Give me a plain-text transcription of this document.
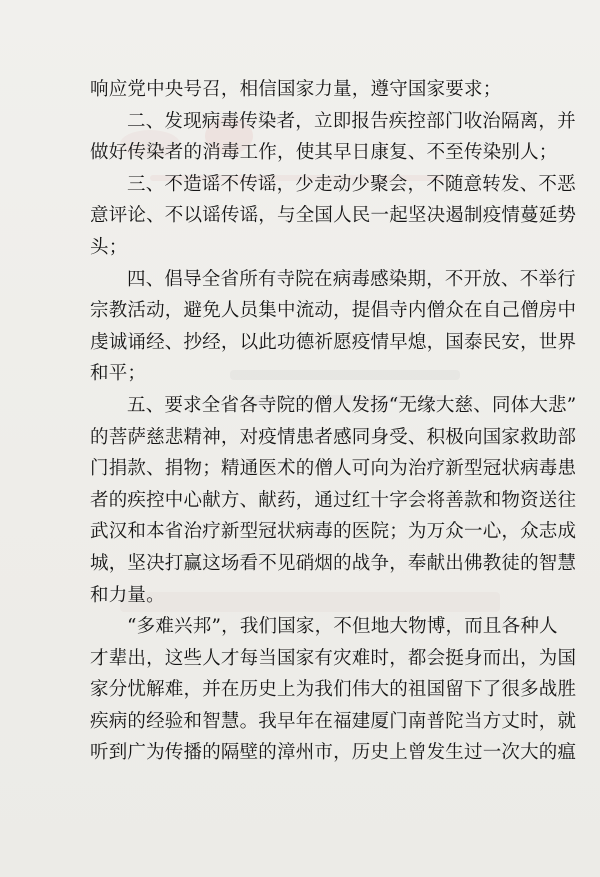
响应党中央号召，相信国家力量，遵守国家要求；
二、发现病毒传染者，立即报告疾控部门收治隔离，并
做好传染者的消毒工作，使其早日康复、不至传染别人；
三、不造谣不传谣，少走动少聚会，不随意转发、不恶
意评论、不以谣传谣，与全国人民一起坚决遏制疫情蔓延势
头；
四、倡导全省所有寺院在病毒感染期，不开放、不举行
宗教活动，避免人员集中流动，提倡寺内僧众在自己僧房中
虔诚诵经、抄经，以此功德祈愿疫情早熄，国泰民安，世界
和平；
五、要求全省各寺院的僧人发扬“无缘大慈、同体大悲”
的菩萨慈悲精神，对疫情患者感同身受、积极向国家救助部
门捐款、捐物；精通医术的僧人可向为治疗新型冠状病毒患
者的疾控中心献方、献药，通过红十字会将善款和物资送往
武汉和本省治疗新型冠状病毒的医院；为万众一心，众志成
城，坚决打赢这场看不见硝烟的战争，奉献出佛教徒的智慧
和力量。
“多难兴邦”，我们国家，不但地大物博，而且各种人
才辈出，这些人才每当国家有灾难时，都会挺身而出，为国
家分忧解难，并在历史上为我们伟大的祖国留下了很多战胜
疾病的经验和智慧。我早年在福建厦门南普陀当方丈时，就
听到广为传播的隔壁的漳州市，历史上曾发生过一次大的瘟
